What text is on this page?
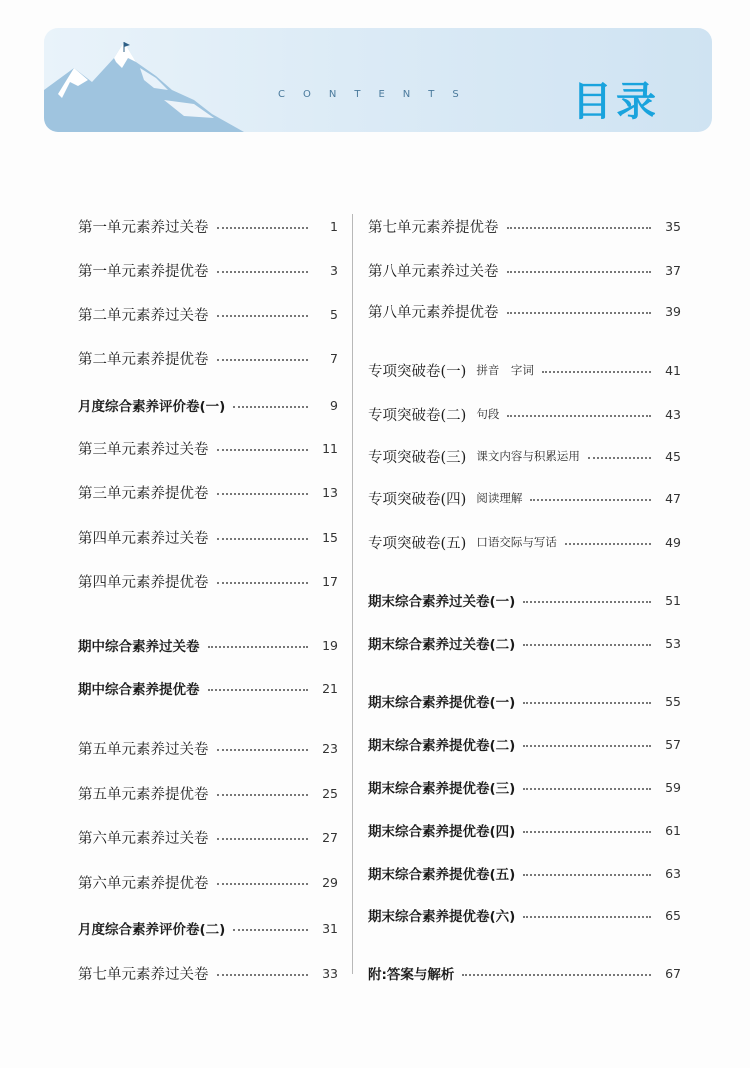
CONTENTS 目录
第一单元素养过关卷	1
第一单元素养提优卷	3
第二单元素养过关卷	5
第二单元素养提优卷	7
月度综合素养评价卷(一)	9
第三单元素养过关卷	11
第三单元素养提优卷	13
第四单元素养过关卷	15
第四单元素养提优卷	17
期中综合素养过关卷	19
期中综合素养提优卷	21
第五单元素养过关卷	23
第五单元素养提优卷	25
第六单元素养过关卷	27
第六单元素养提优卷	29
月度综合素养评价卷(二)	31
第七单元素养过关卷	33
第七单元素养提优卷	35
第八单元素养过关卷	37
第八单元素养提优卷	39
专项突破卷(一) 拼音　字词	41
专项突破卷(二) 句段	43
专项突破卷(三) 课文内容与积累运用	45
专项突破卷(四) 阅读理解	47
专项突破卷(五) 口语交际与写话	49
期末综合素养过关卷(一)	51
期末综合素养过关卷(二)	53
期末综合素养提优卷(一)	55
期末综合素养提优卷(二)	57
期末综合素养提优卷(三)	59
期末综合素养提优卷(四)	61
期末综合素养提优卷(五)	63
期末综合素养提优卷(六)	65
附:答案与解析	67
